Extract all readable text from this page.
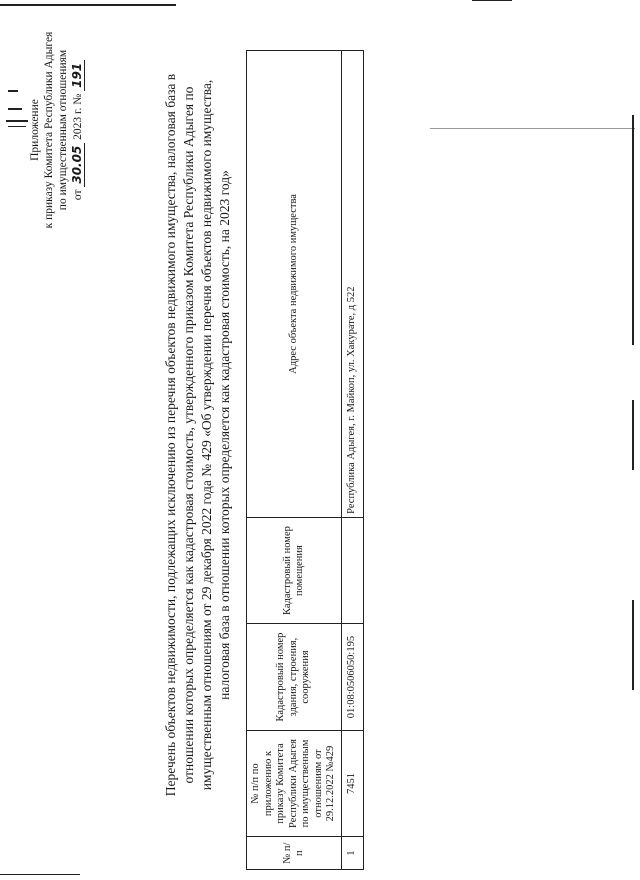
Приложение к приказу Комитета Республики Адыгея по имущественным отношениям от 30.05 2023 г. № 191	Перечень объектов недвижимости, подлежащих исключению из перечня объектов недвижимого имущества, налоговая база в отношении которых определяется как кадастровая стоимость, утвержденного приказом Комитета Республики Адыгея по имущественным отношениям от 29 декабря 2022 года № 429 «Об утверждении перечня объектов недвижимого имущества, налоговая база в отношении которых определяется как кадастровая стоимость, на 2023 год»
№ п/п	№ п/п по приложению к приказу Комитета Республики Адыгея по имущественным отношениям от 29.12.2022 №429	Кадастровый номер здания, строения, сооружения	Кадастровый номер помещения	Адрес объекта недвижимого имущества
1	7451	01:08:0506050:195		Республика Адыгея, г. Майкоп, ул. Хакурате, д 522
